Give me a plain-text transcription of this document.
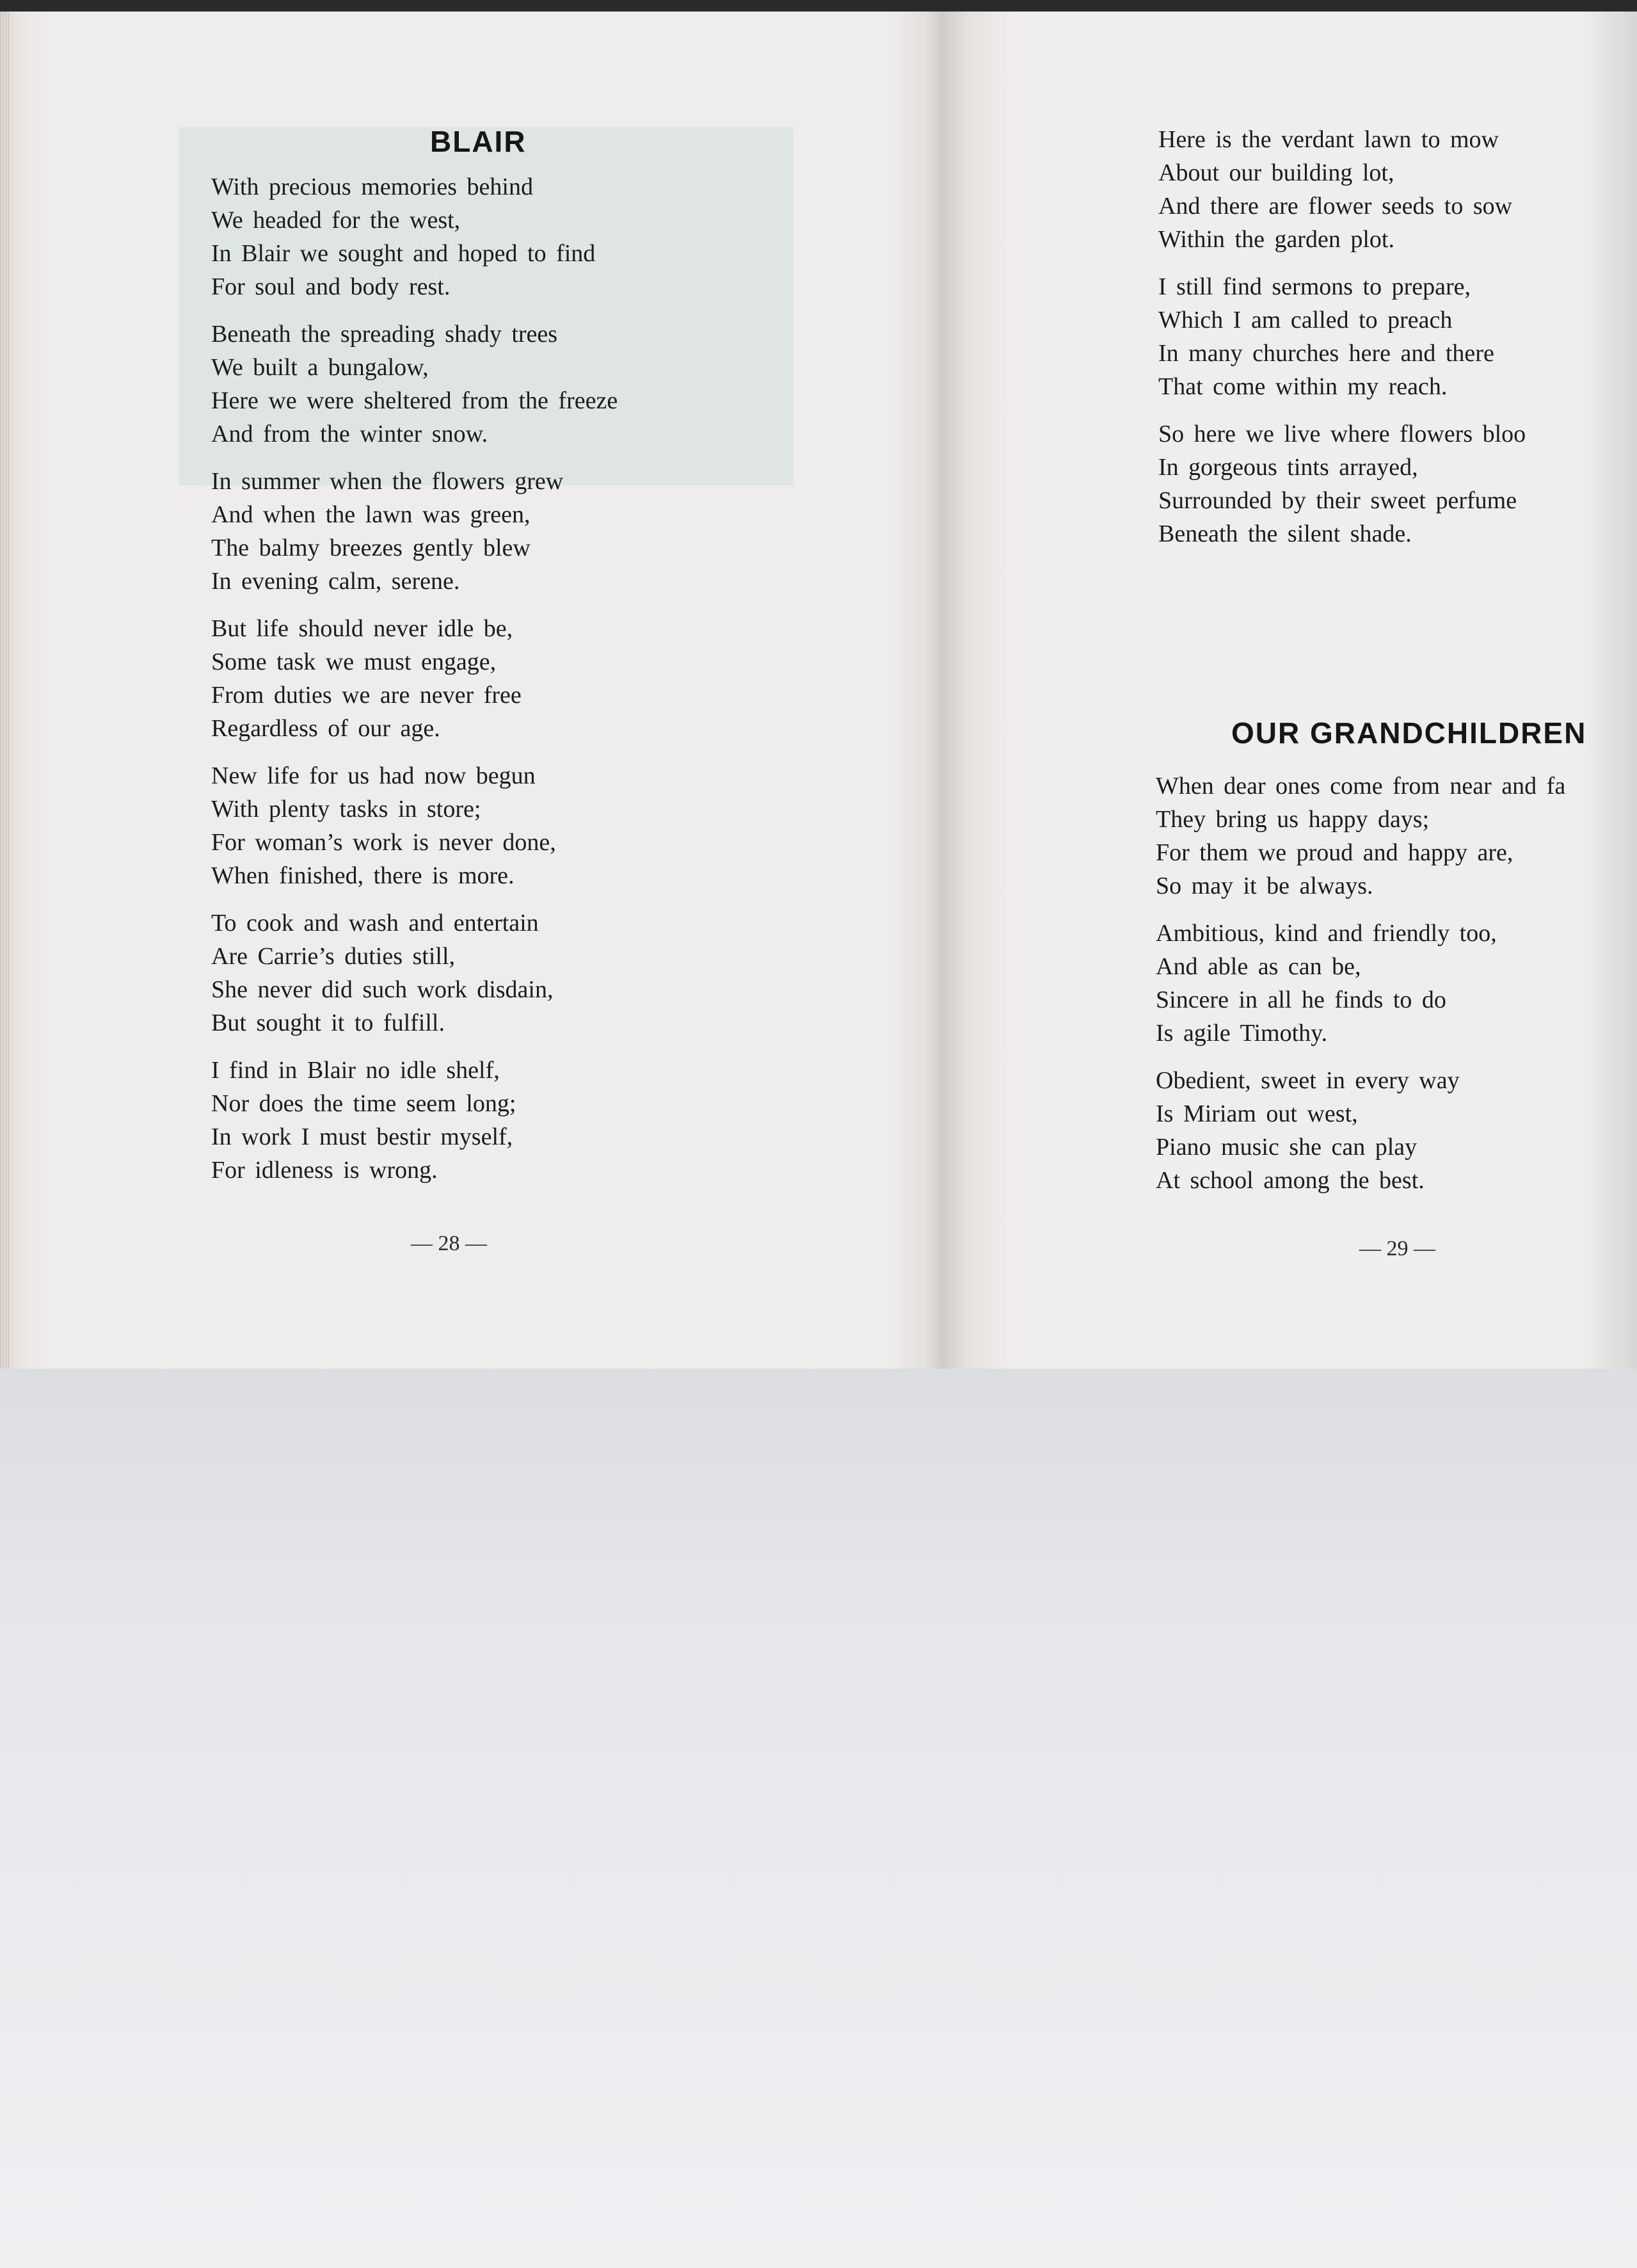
BLAIR
With precious memories behind
We headed for the west,
In Blair we sought and hoped to find
For soul and body rest.
Beneath the spreading shady trees
We built a bungalow,
Here we were sheltered from the freeze
And from the winter snow.
In summer when the flowers grew
And when the lawn was green,
The balmy breezes gently blew
In evening calm, serene.
But life should never idle be,
Some task we must engage,
From duties we are never free
Regardless of our age.
New life for us had now begun
With plenty tasks in store;
For woman’s work is never done,
When finished, there is more.
To cook and wash and entertain
Are Carrie’s duties still,
She never did such work disdain,
But sought it to fulfill.
I find in Blair no idle shelf,
Nor does the time seem long;
In work I must bestir myself,
For idleness is wrong.
— 28 —
Here is the verdant lawn to mow
About our building lot,
And there are flower seeds to sow
Within the garden plot.
I still find sermons to prepare,
Which I am called to preach
In many churches here and there
That come within my reach.
So here we live where flowers bloo
In gorgeous tints arrayed,
Surrounded by their sweet perfume
Beneath the silent shade.
OUR GRANDCHILDREN
When dear ones come from near and fa
They bring us happy days;
For them we proud and happy are,
So may it be always.
Ambitious, kind and friendly too,
And able as can be,
Sincere in all he finds to do
Is agile Timothy.
Obedient, sweet in every way
Is Miriam out west,
Piano music she can play
At school among the best.
— 29 —
